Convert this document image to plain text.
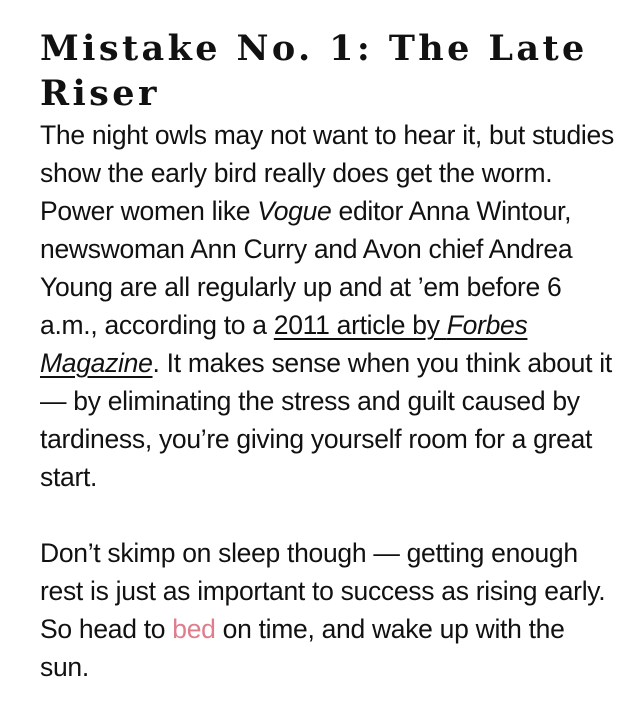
Mistake No. 1: The Late Riser

The night owls may not want to hear it, but studies show the early bird really does get the worm. Power women like Vogue editor Anna Wintour, newswoman Ann Curry and Avon chief Andrea Young are all regularly up and at ’em before 6 a.m., according to a 2011 article by Forbes Magazine. It makes sense when you think about it — by eliminating the stress and guilt caused by tardiness, you’re giving yourself room for a great start.

Don’t skimp on sleep though — getting enough rest is just as important to success as rising early. So head to bed on time, and wake up with the sun.
